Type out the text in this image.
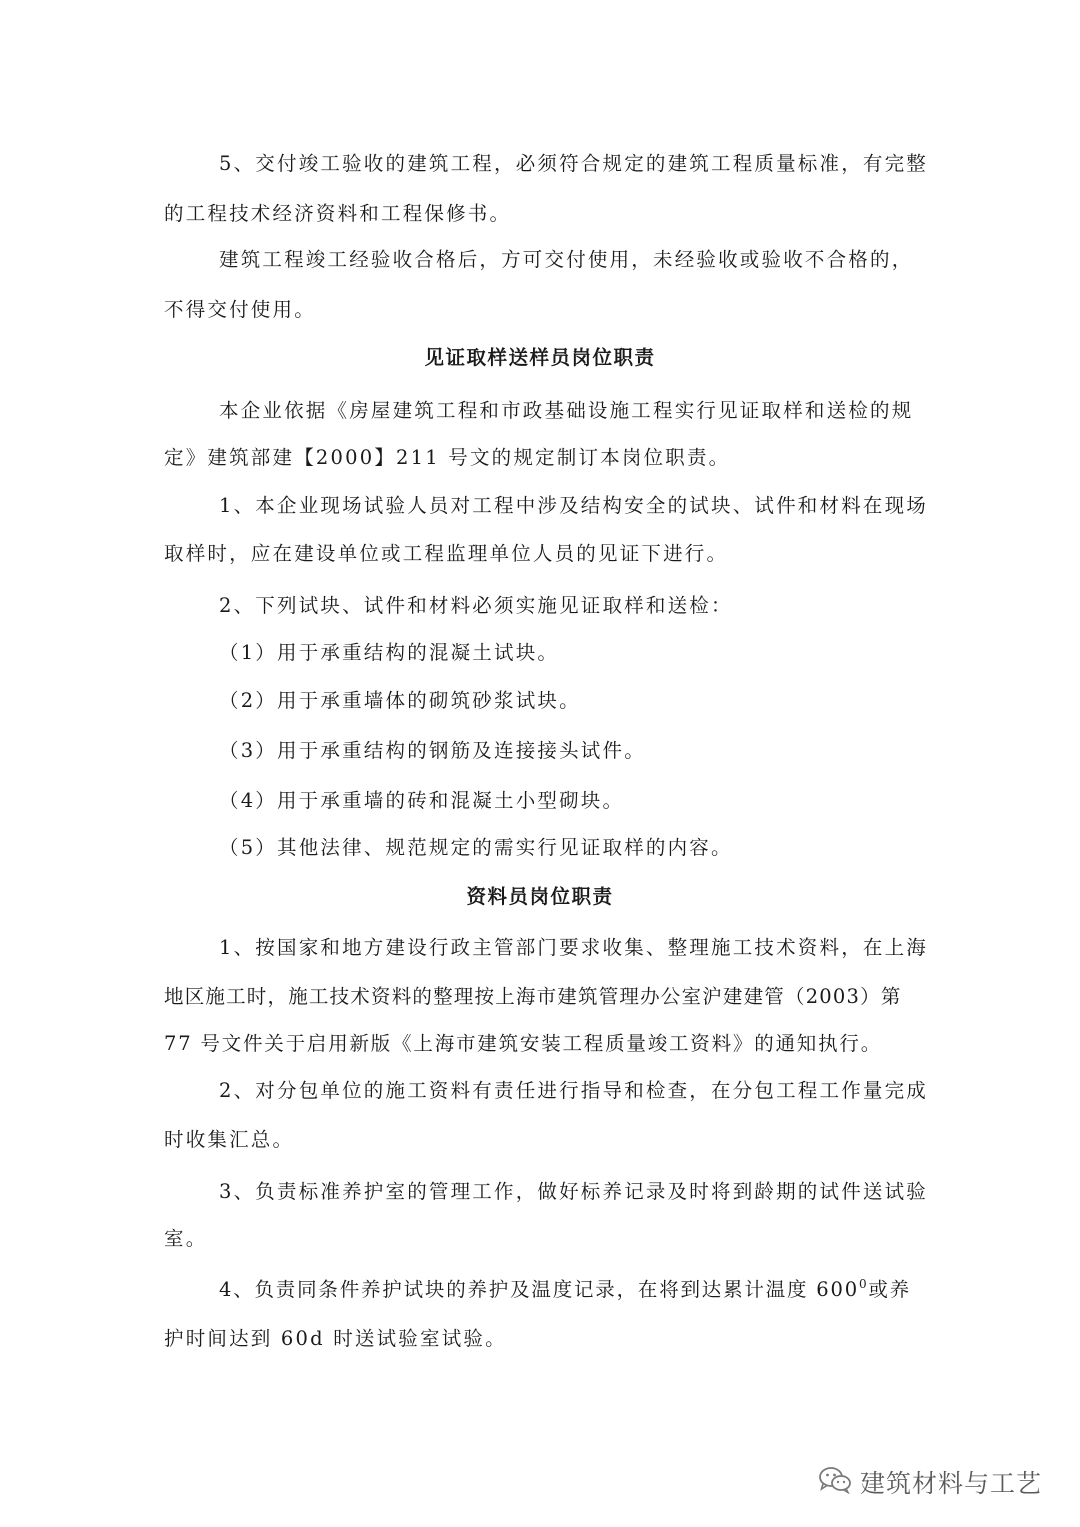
5、交付竣工验收的建筑工程，必须符合规定的建筑工程质量标准，有完整

的工程技术经济资料和工程保修书。

建筑工程竣工经验收合格后，方可交付使用，未经验收或验收不合格的，

不得交付使用。

见证取样送样员岗位职责

本企业依据《房屋建筑工程和市政基础设施工程实行见证取样和送检的规

定》建筑部建【2000】211 号文的规定制订本岗位职责。

1、本企业现场试验人员对工程中涉及结构安全的试块、试件和材料在现场

取样时，应在建设单位或工程监理单位人员的见证下进行。

2、下列试块、试件和材料必须实施见证取样和送检：

（1）用于承重结构的混凝土试块。

（2）用于承重墙体的砌筑砂浆试块。

（3）用于承重结构的钢筋及连接接头试件。

（4）用于承重墙的砖和混凝土小型砌块。

（5）其他法律、规范规定的需实行见证取样的内容。

资料员岗位职责

1、按国家和地方建设行政主管部门要求收集、整理施工技术资料，在上海

地区施工时，施工技术资料的整理按上海市建筑管理办公室沪建建管（2003）第

77 号文件关于启用新版《上海市建筑安装工程质量竣工资料》的通知执行。

2、对分包单位的施工资料有责任进行指导和检查，在分包工程工作量完成

时收集汇总。

3、负责标准养护室的管理工作，做好标养记录及时将到龄期的试件送试验

室。

4、负责同条件养护试块的养护及温度记录，在将到达累计温度 $600^0$或养

护时间达到 60d 时送试验室试验。

建筑材料与工艺
